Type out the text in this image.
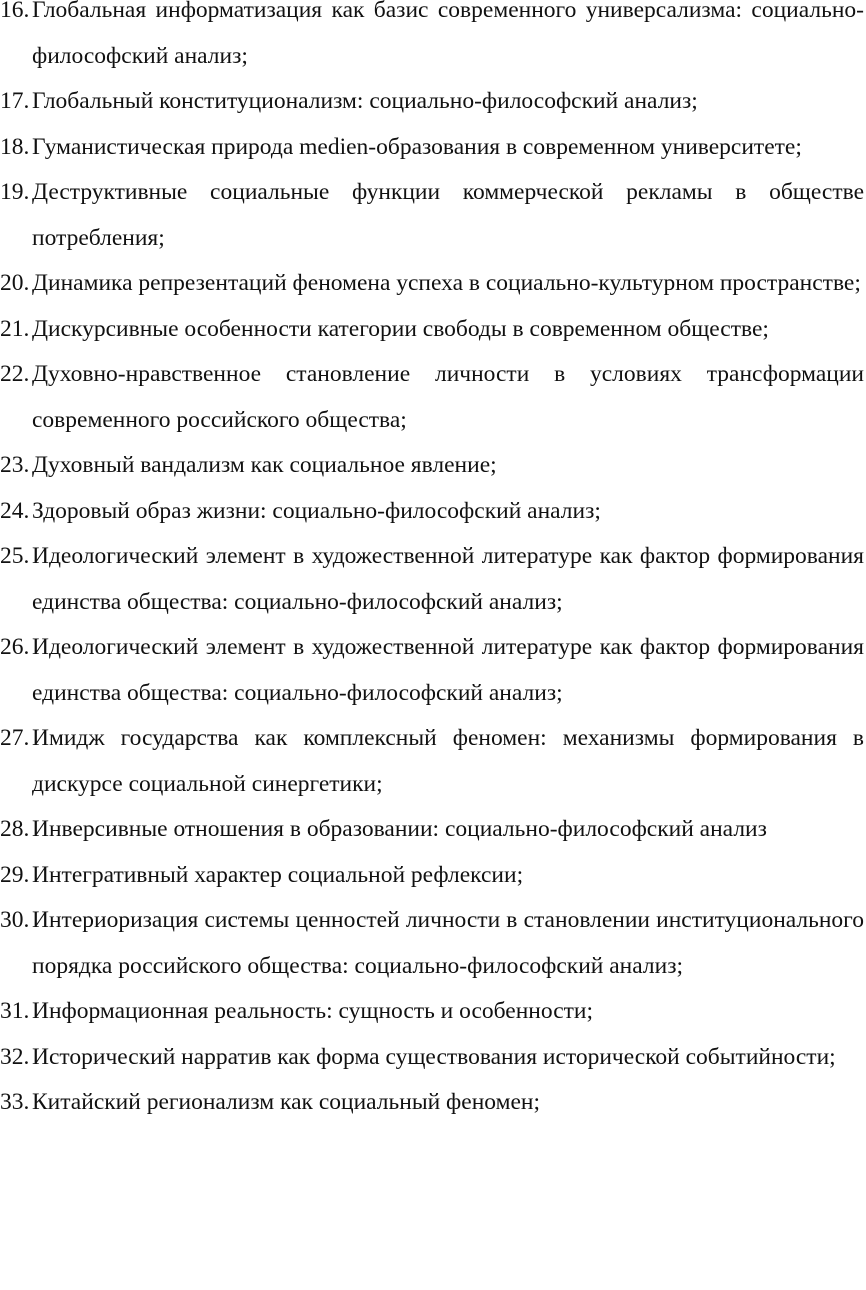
16. Глобальная информатизация как базис современного универсализма: социально-философский анализ;
17. Глобальный конституционализм: социально-философский анализ;
18. Гуманистическая природа medien-образования в современном университете;
19. Деструктивные социальные функции коммерческой рекламы в обществе потребления;
20. Динамика репрезентаций феномена успеха в социально-культурном пространстве;
21. Дискурсивные особенности категории свободы в современном обществе;
22. Духовно-нравственное становление личности в условиях трансформации современного российского общества;
23. Духовный вандализм как социальное явление;
24. Здоровый образ жизни: социально-философский анализ;
25. Идеологический элемент в художественной литературе как фактор формирования единства общества: социально-философский анализ;
26. Идеологический элемент в художественной литературе как фактор формирования единства общества: социально-философский анализ;
27. Имидж государства как комплексный феномен: механизмы формирования в дискурсе социальной синергетики;
28. Инверсивные отношения в образовании: социально-философский анализ
29. Интегративный характер социальной рефлексии;
30. Интериоризация системы ценностей личности в становлении институционального порядка российского общества: социально-философский анализ;
31. Информационная реальность: сущность и особенности;
32. Исторический нарратив как форма существования исторической событийности;
33. Китайский регионализм как социальный феномен;
